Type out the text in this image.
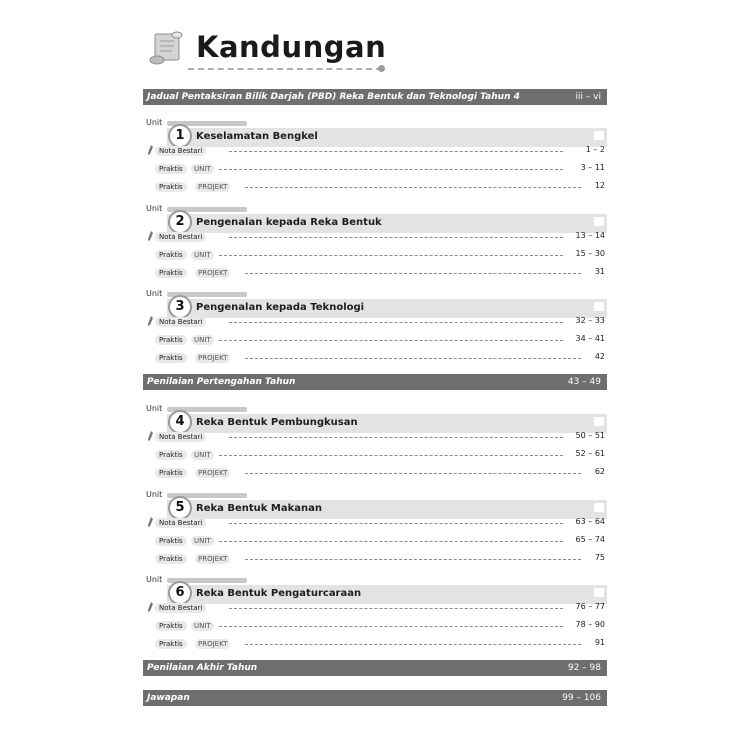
Kandungan
Jadual Pentaksiran Bilik Darjah (PBD) Reka Bentuk dan Teknologi Tahun 4	iii – vi
Unit
1	Keselamatan Bengkel
Nota Bestari	1 – 2
Praktis	UNIT	3 – 11
Praktis	PROJEKT	12
Unit
2	Pengenalan kepada Reka Bentuk
Nota Bestari	13 – 14
Praktis	UNIT	15 – 30
Praktis	PROJEKT	31
Unit
3	Pengenalan kepada Teknologi
Nota Bestari	32 – 33
Praktis	UNIT	34 – 41
Praktis	PROJEKT	42
Penilaian Pertengahan Tahun	43 – 49
Unit
4	Reka Bentuk Pembungkusan
Nota Bestari	50 – 51
Praktis	UNIT	52 – 61
Praktis	PROJEKT	62
Unit
5	Reka Bentuk Makanan
Nota Bestari	63 – 64
Praktis	UNIT	65 – 74
Praktis	PROJEKT	75
Unit
6	Reka Bentuk Pengaturcaraan
Nota Bestari	76 – 77
Praktis	UNIT	78 – 90
Praktis	PROJEKT	91
Penilaian Akhir Tahun	92 – 98
Jawapan	99 – 106
